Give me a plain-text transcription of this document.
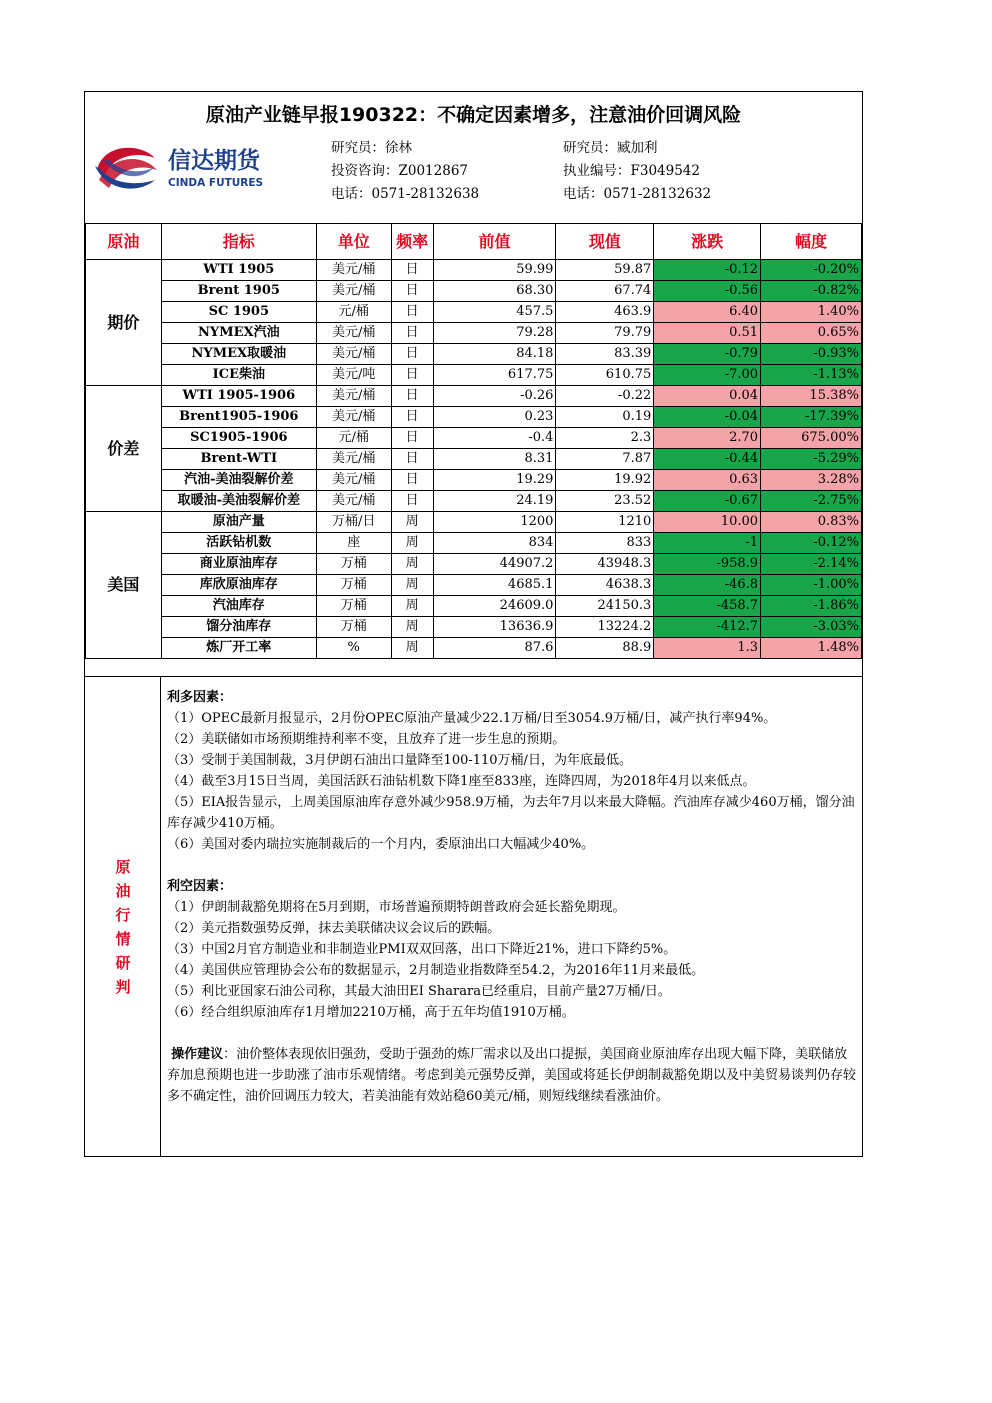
原油产业链早报190322：不确定因素增多，注意油价回调风险
信达期货
CINDA FUTURES
研究员：徐林
投资咨询：Z0012867
电话：0571-28132638
研究员：臧加利
执业编号：F3049542
电话：0571-28132632
原油	指标	单位	频率	前值	现值	涨跌	幅度
期价	WTI 1905	美元/桶	日	59.99	59.87	-0.12	-0.20%
	Brent 1905	美元/桶	日	68.30	67.74	-0.56	-0.82%
	SC 1905	元/桶	日	457.5	463.9	6.40	1.40%
	NYMEX汽油	美元/桶	日	79.28	79.79	0.51	0.65%
	NYMEX取暖油	美元/桶	日	84.18	83.39	-0.79	-0.93%
	ICE柴油	美元/吨	日	617.75	610.75	-7.00	-1.13%
价差	WTI 1905-1906	美元/桶	日	-0.26	-0.22	0.04	15.38%
	Brent1905-1906	美元/桶	日	0.23	0.19	-0.04	-17.39%
	SC1905-1906	元/桶	日	-0.4	2.3	2.70	675.00%
	Brent-WTI	美元/桶	日	8.31	7.87	-0.44	-5.29%
	汽油-美油裂解价差	美元/桶	日	19.29	19.92	0.63	3.28%
	取暖油-美油裂解价差	美元/桶	日	24.19	23.52	-0.67	-2.75%
美国	原油产量	万桶/日	周	1200	1210	10.00	0.83%
	活跃钻机数	座	周	834	833	-1	-0.12%
	商业原油库存	万桶	周	44907.2	43948.3	-958.9	-2.14%
	库欣原油库存	万桶	周	4685.1	4638.3	-46.8	-1.00%
	汽油库存	万桶	周	24609.0	24150.3	-458.7	-1.86%
	馏分油库存	万桶	周	13636.9	13224.2	-412.7	-3.03%
	炼厂开工率	%	周	87.6	88.9	1.3	1.48%
原
油
行
情
研
判

利多因素：

（1）OPEC最新月报显示，2月份OPEC原油产量减少22.1万桶/日至3054.9万桶/日，减产执行率94%。

（2）美联储如市场预期维持利率不变，且放弃了进一步生息的预期。

（3）受制于美国制裁，3月伊朗石油出口量降至100-110万桶/日，为年底最低。

（4）截至3月15日当周，美国活跃石油钻机数下降1座至833座，连降四周，为2018年4月以来低点。

（5）EIA报告显示，上周美国原油库存意外减少958.9万桶，为去年7月以来最大降幅。汽油库存减少460万桶，馏分油库存减少410万桶。

（6）美国对委内瑞拉实施制裁后的一个月内，委原油出口大幅减少40%。

利空因素：

（1）伊朗制裁豁免期将在5月到期，市场普遍预期特朗普政府会延长豁免期现。

（2）美元指数强势反弹，抹去美联储决议会议后的跌幅。

（3）中国2月官方制造业和非制造业PMI双双回落，出口下降近21%，进口下降约5%。

（4）美国供应管理协会公布的数据显示，2月制造业指数降至54.2，为2016年11月来最低。

（5）利比亚国家石油公司称，其最大油田EI Sharara已经重启，目前产量27万桶/日。

（6）经合组织原油库存1月增加2210万桶，高于五年均值1910万桶。

操作建议：油价整体表现依旧强劲，受助于强劲的炼厂需求以及出口提振，美国商业原油库存出现大幅下降，美联储放弃加息预期也进一步助涨了油市乐观情绪。考虑到美元强势反弹，美国或将延长伊朗制裁豁免期以及中美贸易谈判仍存较多不确定性，油价回调压力较大，若美油能有效站稳60美元/桶，则短线继续看涨油价。
